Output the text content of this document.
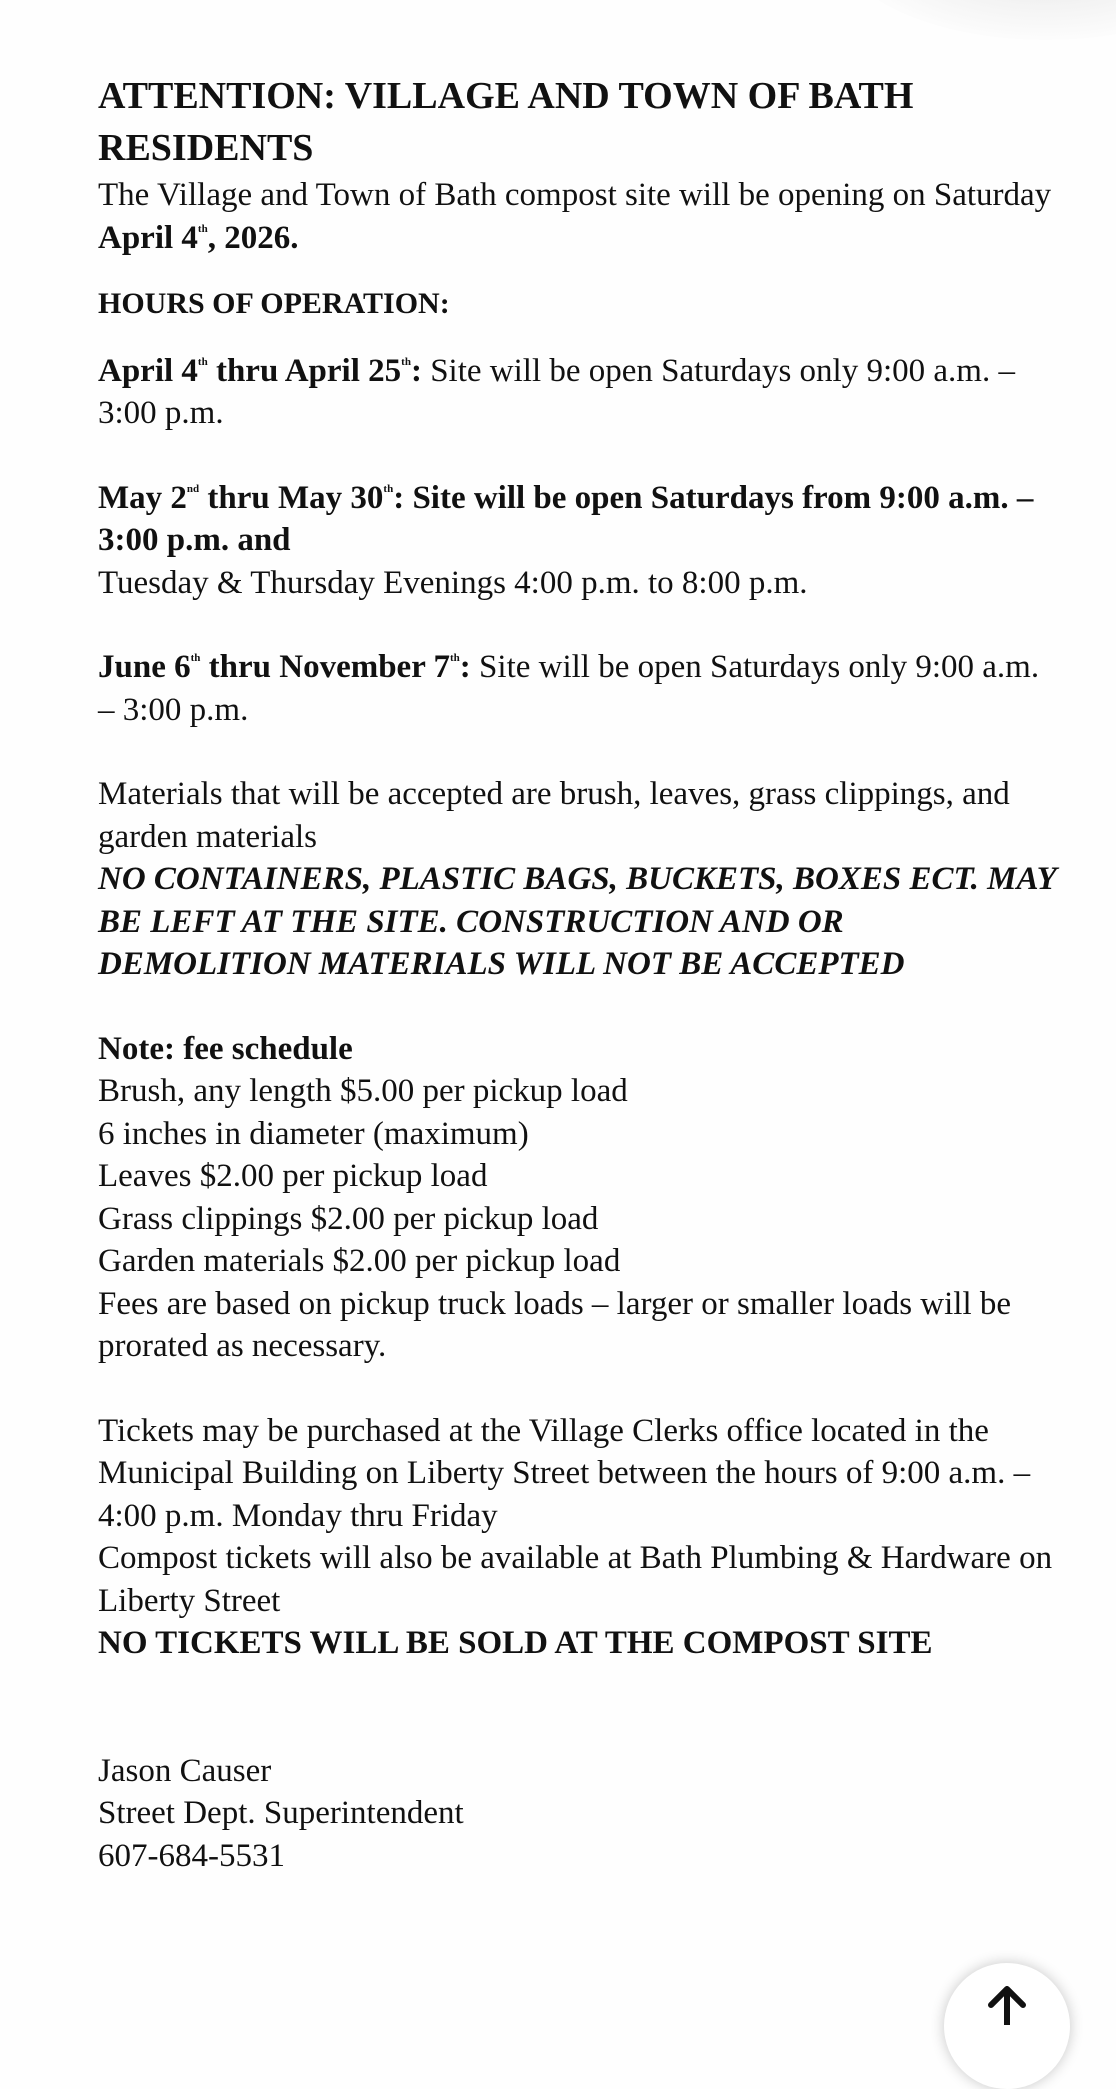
ATTENTION: VILLAGE AND TOWN OF BATH RESIDENTS

The Village and Town of Bath compost site will be opening on Saturday April 4th, 2026.

HOURS OF OPERATION:

April 4th thru April 25th: Site will be open Saturdays only 9:00 a.m. – 3:00 p.m.

May 2nd thru May 30th: Site will be open Saturdays from 9:00 a.m. – 3:00 p.m. and

Tuesday & Thursday Evenings 4:00 p.m. to 8:00 p.m.

June 6th thru November 7th: Site will be open Saturdays only 9:00 a.m. – 3:00 p.m.

Materials that will be accepted are brush, leaves, grass clippings, and garden materials

NO CONTAINERS, PLASTIC BAGS, BUCKETS, BOXES ECT. MAY BE LEFT AT THE SITE. CONSTRUCTION AND OR DEMOLITION MATERIALS WILL NOT BE ACCEPTED

Note: fee schedule

Brush, any length $5.00 per pickup load

6 inches in diameter (maximum)

Leaves $2.00 per pickup load

Grass clippings $2.00 per pickup load

Garden materials $2.00 per pickup load

Fees are based on pickup truck loads – larger or smaller loads will be prorated as necessary.

Tickets may be purchased at the Village Clerks office located in the Municipal Building on Liberty Street between the hours of 9:00 a.m. – 4:00 p.m. Monday thru Friday

Compost tickets will also be available at Bath Plumbing & Hardware on Liberty Street

NO TICKETS WILL BE SOLD AT THE COMPOST SITE

Jason Causer

Street Dept. Superintendent

607-684-5531
